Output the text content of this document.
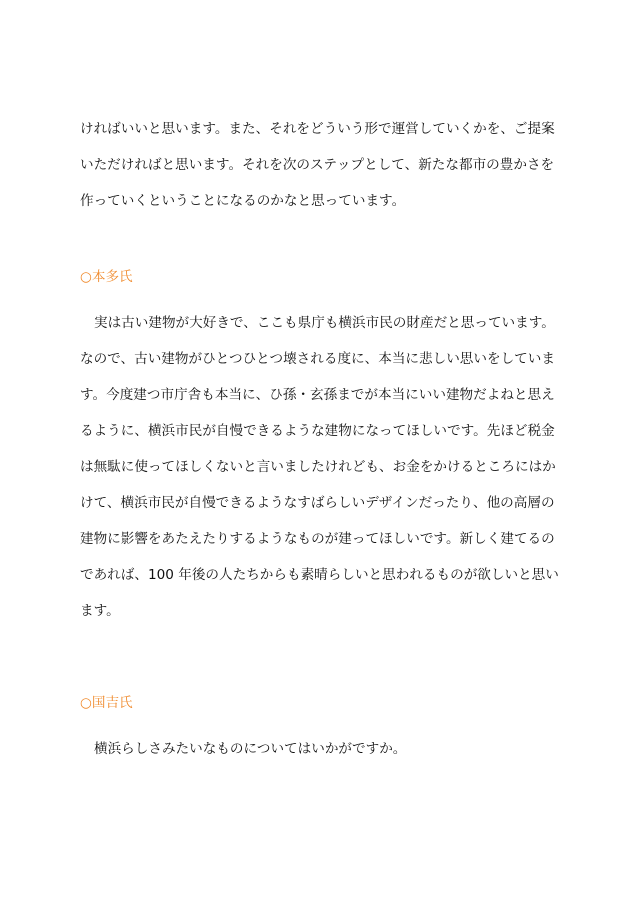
ければいいと思います。また、それをどういう形で運営していくかを、ご提案
いただければと思います。それを次のステップとして、新たな都市の豊かさを
作っていくということになるのかなと思っています。
○本多氏
実は古い建物が大好きで、ここも県庁も横浜市民の財産だと思っています。
なので、古い建物がひとつひとつ壊される度に、本当に悲しい思いをしていま
す。今度建つ市庁舎も本当に、ひ孫・玄孫までが本当にいい建物だよねと思え
るように、横浜市民が自慢できるような建物になってほしいです。先ほど税金
は無駄に使ってほしくないと言いましたけれども、お金をかけるところにはか
けて、横浜市民が自慢できるようなすばらしいデザインだったり、他の高層の
建物に影響をあたえたりするようなものが建ってほしいです。新しく建てるの
であれば、100 年後の人たちからも素晴らしいと思われるものが欲しいと思い
ます。
○国吉氏
横浜らしさみたいなものについてはいかがですか。
